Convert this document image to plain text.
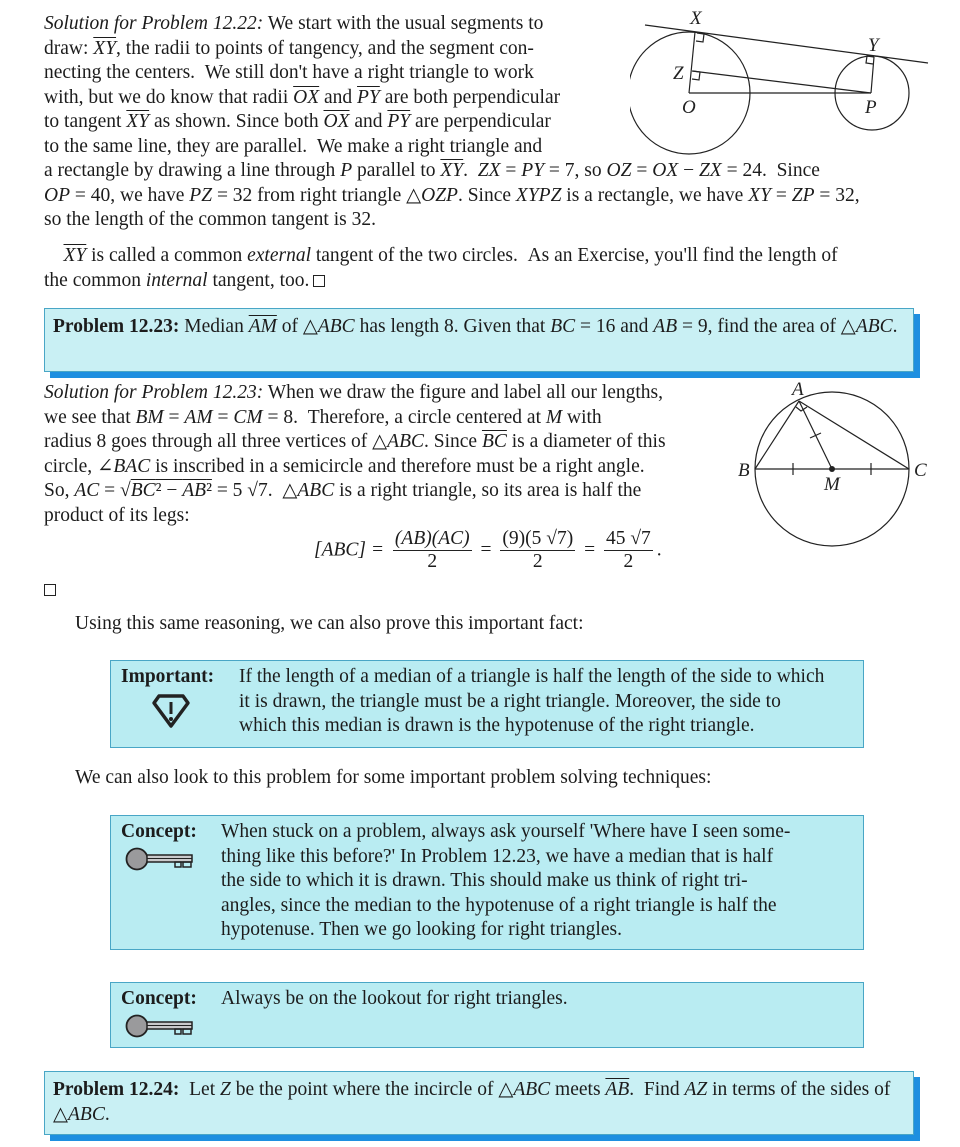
Solution for Problem 12.22: We start with the usual segments to
draw: $\overline{XY}$, the radii to points of tangency, and the segment con-
necting the centers.  We still don't have a right triangle to work
with, but we do know that radii $\overline{OX}$ and $\overline{PY}$ are both perpendicular
to tangent $\overline{XY}$ as shown. Since both $\overline{OX}$ and $\overline{PY}$ are perpendicular
to the same line, they are parallel.  We make a right triangle and
a rectangle by drawing a line through P parallel to $\overline{XY}$.  ZX = PY = 7, so OZ = OX − ZX = 24.  Since
OP = 40, we have PZ = 32 from right triangle △OZP. Since XYPZ is a rectangle, we have XY = ZP = 32,
so the length of the common tangent is 32.
$\overline{XY}$ is called a common external tangent of the two circles.  As an Exercise, you'll find the length of
the common internal tangent, too.
X
Y
Z
O	P
Problem 12.23: Median $\overline{AM}$ of △ABC has length 8. Given that BC = 16 and AB = 9, find the area of △ABC.
Solution for Problem 12.23: When we draw the figure and label all our lengths,
we see that BM = AM = CM = 8.  Therefore, a circle centered at M with
radius 8 goes through all three vertices of △ABC. Since $\overline{BC}$ is a diameter of this
circle, ∠BAC is inscribed in a semicircle and therefore must be a right angle.
So, AC = √BC² − AB² = 5 √7.  △ABC is a right triangle, so its area is half the
product of its legs:
$[ABC] = \frac{(AB)(AC)}{2} = \frac{(9)(5 √7)}{2} = \frac{45 √7}{2}$ .
A
B	C
M
Using this same reasoning, we can also prove this important fact:
Important: If the length of a median of a triangle is half the length of the side to which
it is drawn, the triangle must be a right triangle. Moreover, the side to
which this median is drawn is the hypotenuse of the right triangle.
We can also look to this problem for some important problem solving techniques:
Concept: When stuck on a problem, always ask yourself 'Where have I seen some-
thing like this before?' In Problem 12.23, we have a median that is half
the side to which it is drawn. This should make us think of right tri-
angles, since the median to the hypotenuse of a right triangle is half the
hypotenuse. Then we go looking for right triangles.
Concept: Always be on the lookout for right triangles.
Problem 12.24:  Let Z be the point where the incircle of △ABC meets $\overline{AB}$.  Find AZ in terms of the sides of △ABC.
